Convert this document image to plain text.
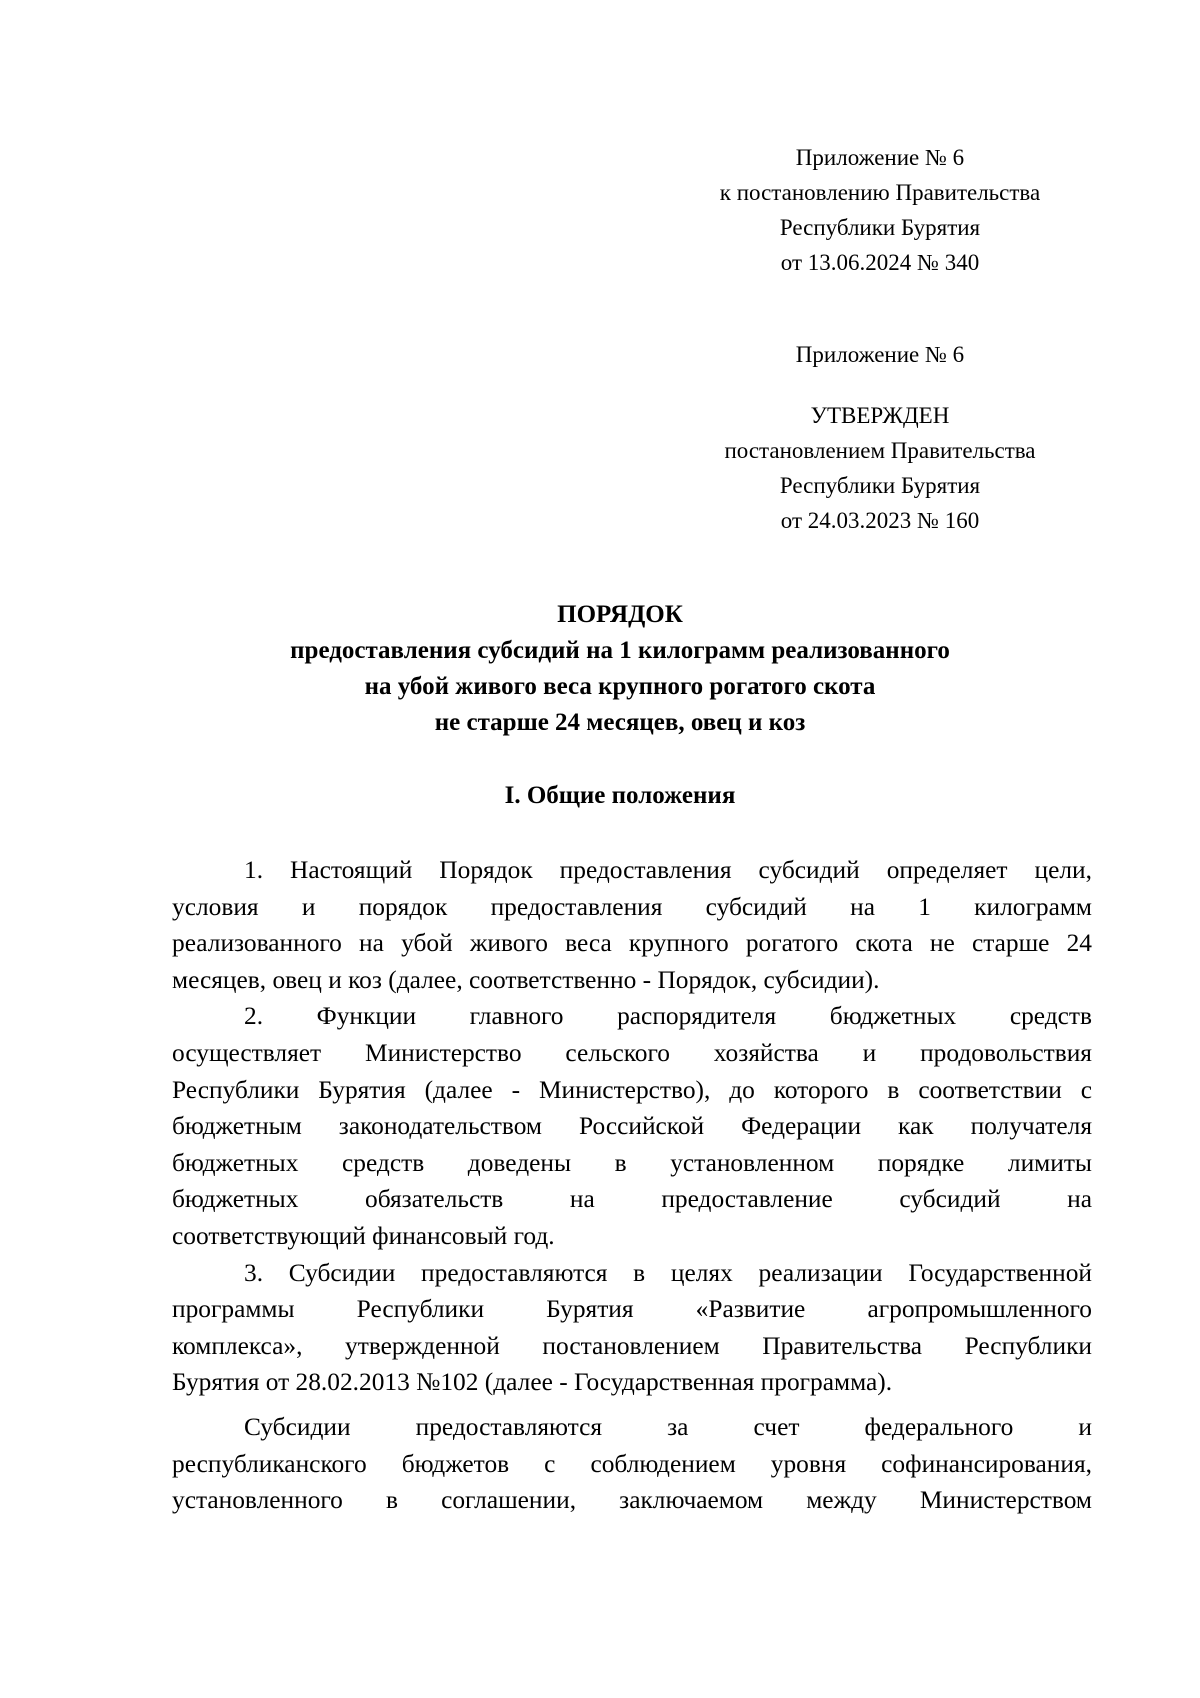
Приложение № 6
к постановлению Правительства
Республики Бурятия
от 13.06.2024 № 340
Приложение № 6
УТВЕРЖДЕН
постановлением Правительства
Республики Бурятия
от 24.03.2023 № 160
ПОРЯДОК
предоставления субсидий на 1 килограмм реализованного
на убой живого веса крупного рогатого скота
не старше 24 месяцев, овец и коз
I. Общие положения
1. Настоящий Порядок предоставления субсидий определяет цели,
условия и порядок предоставления субсидий на 1 килограмм
реализованного на убой живого веса крупного рогатого скота не старше 24
месяцев, овец и коз (далее, соответственно - Порядок, субсидии).
2. Функции главного распорядителя бюджетных средств
осуществляет Министерство сельского хозяйства и продовольствия
Республики Бурятия (далее - Министерство), до которого в соответствии с
бюджетным законодательством Российской Федерации как получателя
бюджетных средств доведены в установленном порядке лимиты
бюджетных обязательств на предоставление субсидий на
соответствующий финансовый год.
3. Субсидии предоставляются в целях реализации Государственной
программы Республики Бурятия «Развитие агропромышленного
комплекса», утвержденной постановлением Правительства Республики
Бурятия от 28.02.2013 №102 (далее - Государственная программа).
Субсидии предоставляются за счет федерального и
республиканского бюджетов с соблюдением уровня софинансирования,
установленного в соглашении, заключаемом между Министерством
